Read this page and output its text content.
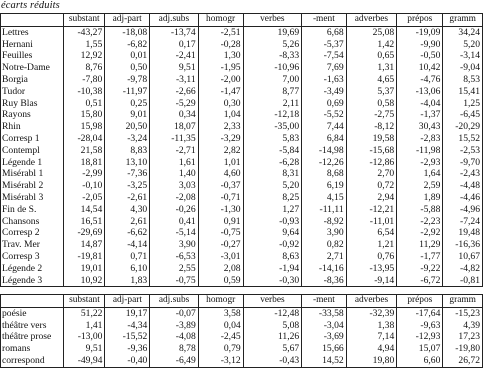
écarts réduits
	substant	adj-part	adj.subs	homogr	verbes	-ment	adverbes	prépos	gramm
Lettres	-43,27	-18,08	-13,74	-2,51	19,69	6,68	25,08	-19,09	34,24
Hernani	1,55	-6,82	0,17	-0,28	5,26	-5,37	1,42	-9,90	5,20
Feuilles	12,92	0,01	-2,41	1,30	-8,33	-7,54	0,65	-0,50	-3,14
Notre-Dame	8,76	0,50	9,51	-1,95	-10,96	7,69	1,31	10,42	-9,04
Borgia	-7,80	-9,78	-3,11	-2,00	7,00	-1,63	4,65	-4,76	8,53
Tudor	-10,38	-11,97	-2,66	-1,47	8,77	-3,49	5,37	-13,06	15,41
Ruy Blas	0,51	0,25	-5,29	0,30	2,11	0,69	0,58	-4,04	1,25
Rayons	15,80	9,01	0,34	1,04	-12,18	-5,52	-2,75	-1,37	-6,45
Rhin	15,98	20,50	18,07	2,33	-35,00	7,44	-8,12	30,43	-20,29
Corresp 1	-28,04	-3,24	-11,35	-3,29	5,83	6,84	19,58	-2,83	15,52
Contempl	21,58	8,83	-2,71	2,82	-5,84	-14,98	-15,68	-11,98	-2,53
Légende 1	18,81	13,10	1,61	1,01	-6,28	-12,26	-12,86	-2,93	-9,70
Misérabl 1	-2,99	-7,36	1,40	4,60	8,31	8,68	2,70	1,64	-2,43
Misérabl 2	-0,10	-3,25	3,03	-0,37	5,20	6,19	0,72	2,59	-4,48
Misérabl 3	-2,05	-2,61	-2,08	-0,71	8,25	4,15	2,94	1,89	-4,46
Fin de S.	14,54	4,30	-0,26	-1,30	1,27	-11,11	-12,21	-5,88	-4,96
Chansons	16,51	2,61	0,41	0,91	-0,93	-8,92	-11,01	-2,23	-7,24
Corresp 2	-29,69	-6,62	-5,14	-0,75	9,64	3,90	6,54	-2,92	19,48
Trav. Mer	14,87	-4,14	3,90	-0,27	-0,92	0,82	1,21	11,29	-16,36
Corresp 3	-19,81	0,71	-6,53	-3,01	8,63	2,71	0,76	-1,77	10,67
Légende 2	19,01	6,10	2,55	2,08	-1,94	-14,16	-13,95	-9,22	-4,82
Légende 3	10,92	1,83	-0,75	0,59	-0,30	-8,36	-9,14	-6,72	-0,81
	substant	adj-part	adj.subs	homogr	verbes	-ment	adverbes	prépos	gramm
poésie	51,22	19,17	-0,07	3,58	-12,48	-33,58	-32,39	-17,64	-15,23
théâtre vers	1,41	-4,34	-3,89	0,04	5,08	-3,04	1,38	-9,63	4,39
théâtre prose	-13,00	-15,52	-4,08	-2,45	11,26	-3,69	7,14	-12,93	17,23
romans	9,51	-9,36	8,78	0,79	5,67	15,66	4,94	15,07	-19,80
correspond	-49,94	-0,40	-6,49	-3,12	-0,43	14,52	19,80	6,60	26,72
